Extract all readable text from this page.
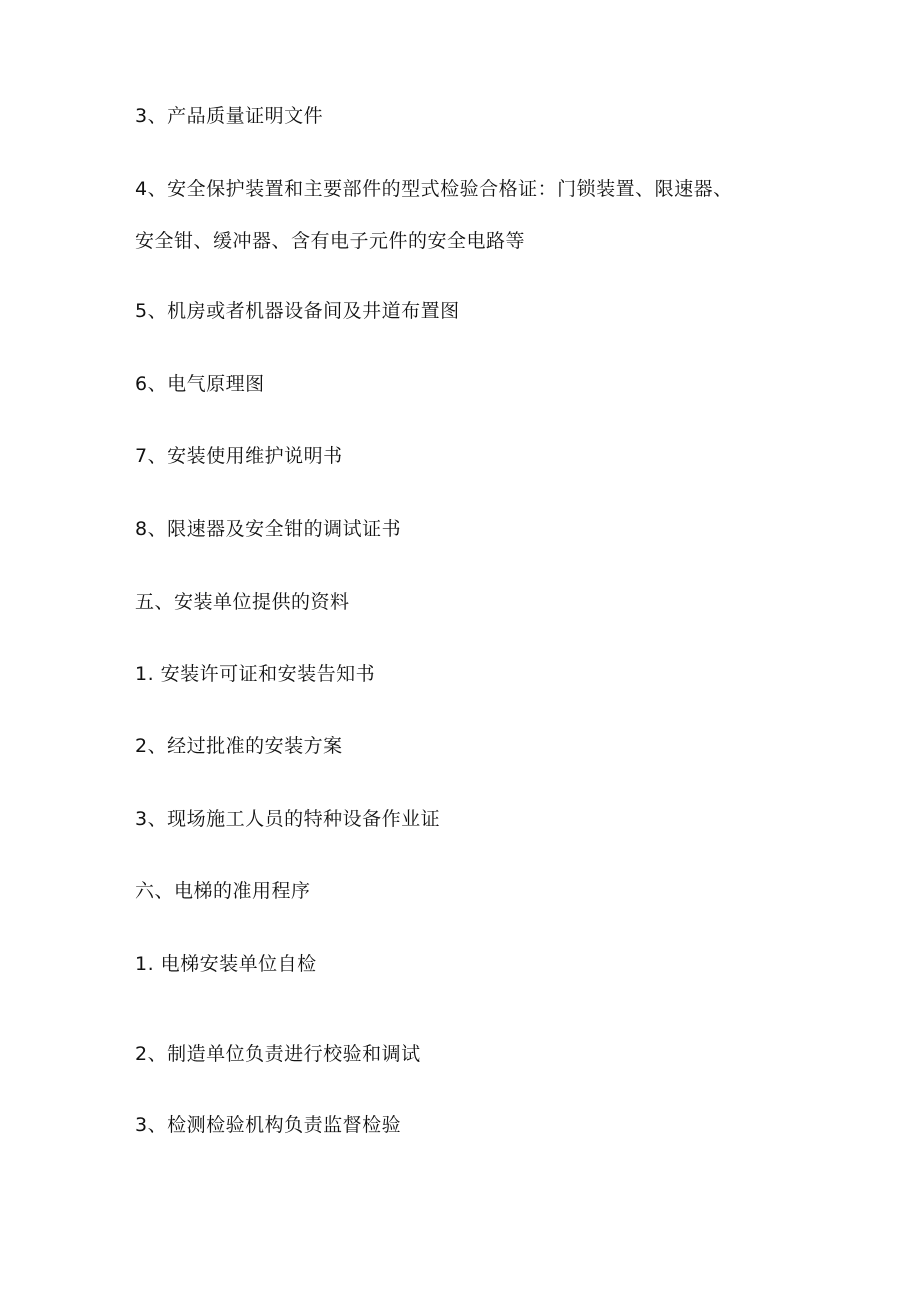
3、产品质量证明文件
4、安全保护装置和主要部件的型式检验合格证：门锁装置、限速器、
安全钳、缓冲器、含有电子元件的安全电路等
5、机房或者机器设备间及井道布置图
6、电气原理图
7、安装使用维护说明书
8、限速器及安全钳的调试证书
五、安装单位提供的资料
1. 安装许可证和安装告知书
2、经过批准的安装方案
3、现场施工人员的特种设备作业证
六、电梯的准用程序
1. 电梯安装单位自检
2、制造单位负责进行校验和调试
3、检测检验机构负责监督检验
